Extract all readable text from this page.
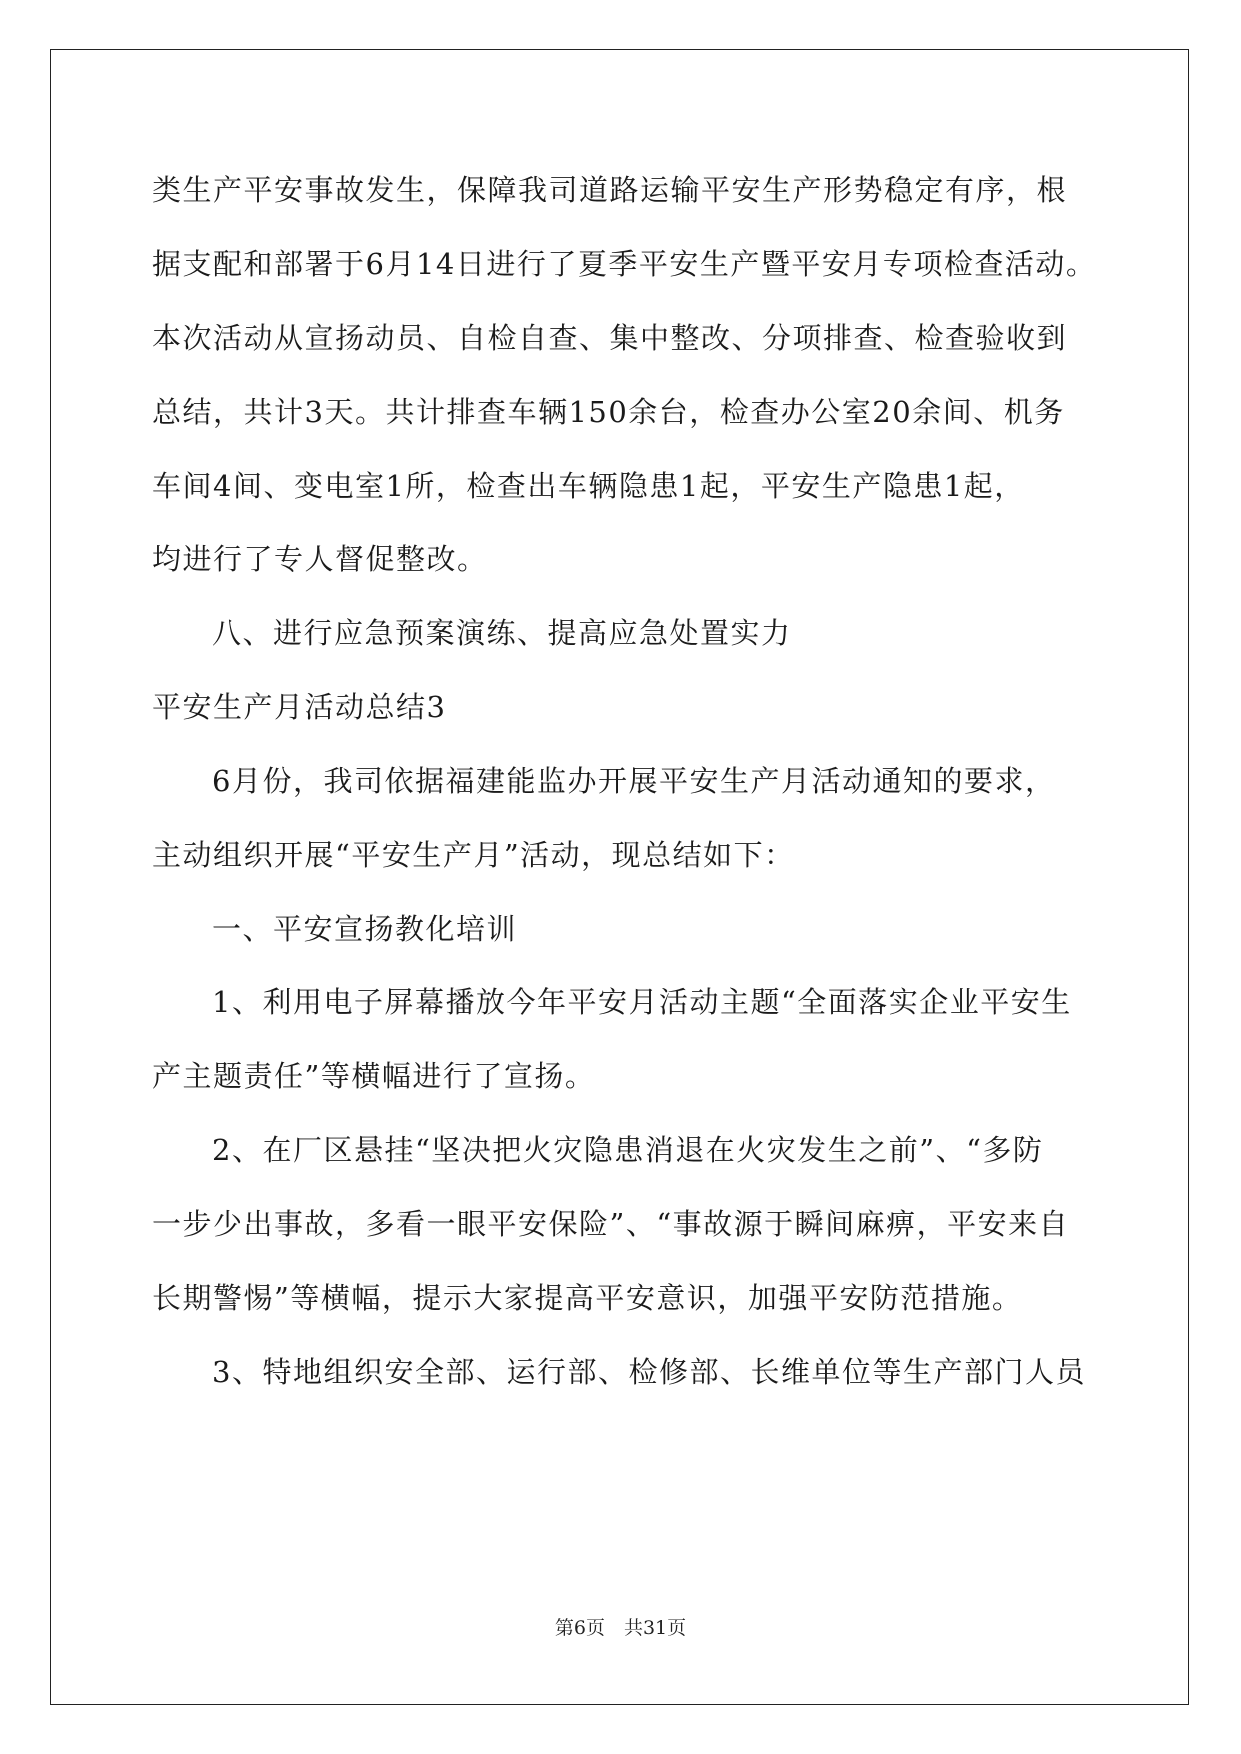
类生产平安事故发生，保障我司道路运输平安生产形势稳定有序，根
据支配和部署于6月14日进行了夏季平安生产暨平安月专项检查活动。
本次活动从宣扬动员、自检自查、集中整改、分项排查、检查验收到
总结，共计3天。共计排查车辆150余台，检查办公室20余间、机务
车间4间、变电室1所，检查出车辆隐患1起，平安生产隐患1起，
均进行了专人督促整改。
八、进行应急预案演练、提高应急处置实力
平安生产月活动总结3
6月份，我司依据福建能监办开展平安生产月活动通知的要求，
主动组织开展“平安生产月”活动，现总结如下：
一、平安宣扬教化培训
1、利用电子屏幕播放今年平安月活动主题“全面落实企业平安生
产主题责任”等横幅进行了宣扬。
2、在厂区悬挂“坚决把火灾隐患消退在火灾发生之前”、“多防
一步少出事故，多看一眼平安保险”、“事故源于瞬间麻痹，平安来自
长期警惕”等横幅，提示大家提高平安意识，加强平安防范措施。
3、特地组织安全部、运行部、检修部、长维单位等生产部门人员
第6页　共31页
